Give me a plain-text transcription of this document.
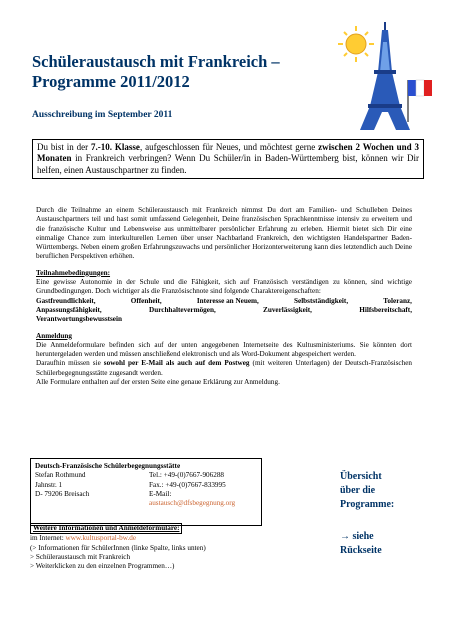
Schüleraustausch mit Frankreich –
Programme 2011/2012
Ausschreibung im September 2011
Du bist in der 7.-10. Klasse, aufgeschlossen für Neues, und möchtest gerne zwischen 2 Wochen und 3 Monaten in Frankreich verbringen? Wenn Du Schüler/in in Baden-Württemberg bist, können wir Dir helfen, einen Austauschpartner zu finden.

Durch die Teilnahme an einem Schüleraustausch mit Frankreich nimmst Du dort am Familien- und Schulleben Deines Austauschpartners teil und hast somit umfassend Gelegenheit, Deine französischen Sprachkenntnisse intensiv zu erweitern und die französische Kultur und Lebensweise aus unmittelbarer persönlicher Erfahrung zu erleben. Hiermit bietet sich Dir eine einmalige Chance zum interkulturellen Lernen über unser Nachbarland Frankreich, den wichtigsten Handelspartner Baden-Württembergs. Neben einem großen Erfahrungszuwachs und persönlicher Horizonterweiterung kann dies letztendlich auch Deine beruflichen Perspektiven erhöhen.

Teilnahmebedingungen:
Eine gewisse Autonomie in der Schule und die Fähigkeit, sich auf Französisch verständigen zu können, sind wichtige Grundbedingungen. Doch wichtiger als die Französischnote sind folgende Charaktereigenschaften:

Gastfreundlichkeit,	Offenheit,	Interesse an Neuem,	Selbstständigkeit,	Toleranz,
Anpassungsfähigkeit,	Durchhaltevermögen,	Zuverlässigkeit,	Hilfsbereitschaft,

Verantwortungsbewusstsein

Anmeldung
Die Anmeldeformulare befinden sich auf der unten angegebenen Internetseite des Kultusministeriums. Sie könnten dort heruntergeladen werden und müssen anschließend elektronisch und als Word-Dokument abgespeichert werden.
Daraufhin müssen sie sowohl per E-Mail als auch auf dem Postweg (mit weiteren Unterlagen) der Deutsch-Französischen Schülerbegegnungsstätte zugesandt werden.
Alle Formulare enthalten auf der ersten Seite eine genaue Erklärung zur Anmeldung.

Deutsch-Französische Schülerbegegnungsstätte
Stefan Rothmund	Tel.: +49-(0)7667-906288
Jahnstr. 1	Fax.: +49-(0)7667-833995
D- 79206 Breisach	E-Mail:
austausch@dfsbegegnung.org
Weitere Informationen und Anmeldeformulare:
im Internet: www.kultusportal-bw.de
(> Informationen für SchülerInnen (linke Spalte, links unten)
> Schüleraustausch mit Frankreich
> Weiterklicken zu den einzelnen Programmen…)
Übersicht
über die
Programme:
→ siehe
Rückseite
